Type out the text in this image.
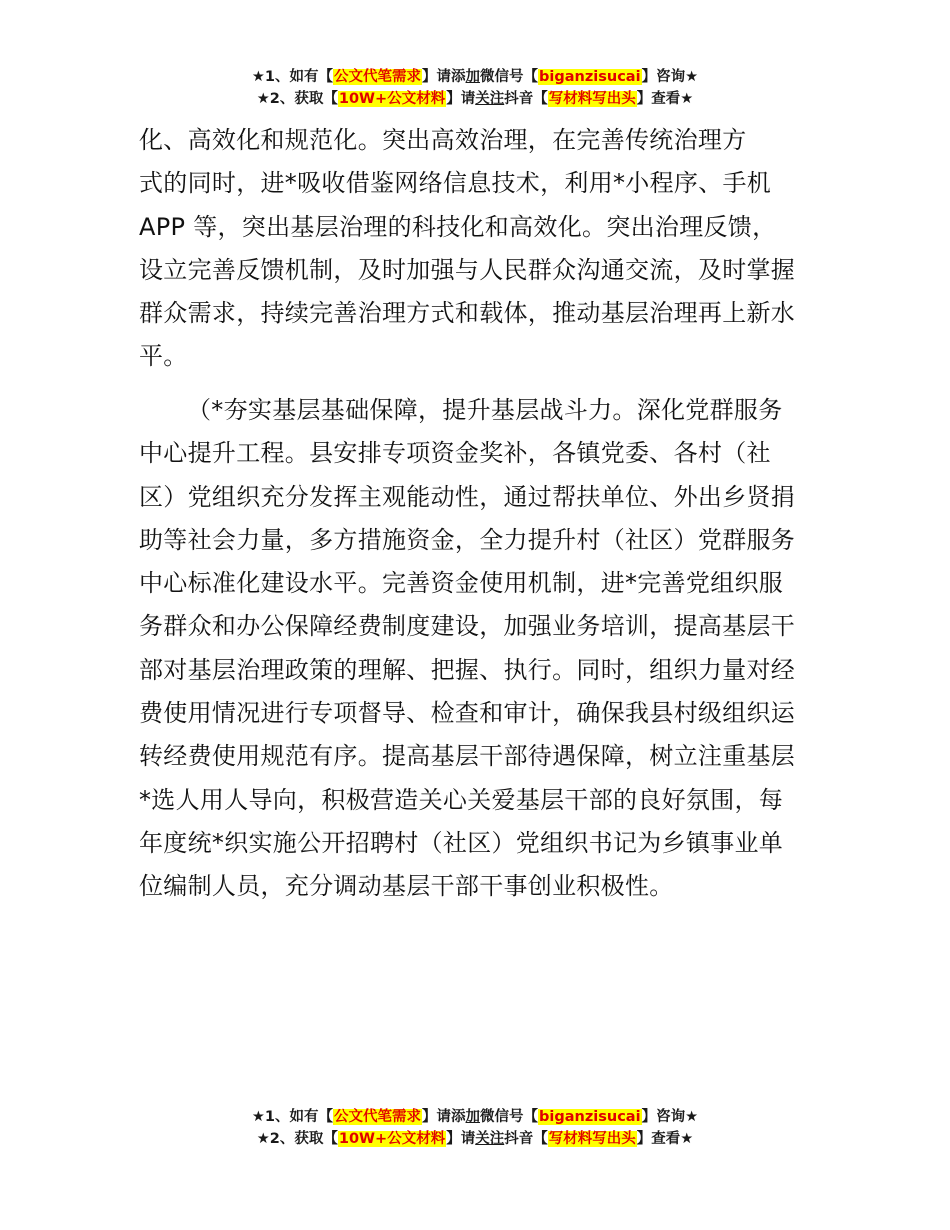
★1、如有【公文代笔需求】请添加微信号【biganzisucai】咨询★
★2、获取【10W+公文材料】请关注抖音【写材料写出头】查看★
化、高效化和规范化。突出高效治理，在完善传统治理方
式的同时，进*吸收借鉴网络信息技术，利用*小程序、手机
APP 等，突出基层治理的科技化和高效化。突出治理反馈，
设立完善反馈机制，及时加强与人民群众沟通交流，及时掌握
群众需求，持续完善治理方式和载体，推动基层治理再上新水
平。
（*夯实基层基础保障，提升基层战斗力。深化党群服务
中心提升工程。县安排专项资金奖补，各镇党委、各村（社
区）党组织充分发挥主观能动性，通过帮扶单位、外出乡贤捐
助等社会力量，多方措施资金，全力提升村（社区）党群服务
中心标准化建设水平。完善资金使用机制，进*完善党组织服
务群众和办公保障经费制度建设，加强业务培训，提高基层干
部对基层治理政策的理解、把握、执行。同时，组织力量对经
费使用情况进行专项督导、检查和审计，确保我县村级组织运
转经费使用规范有序。提高基层干部待遇保障，树立注重基层
*选人用人导向，积极营造关心关爱基层干部的良好氛围，每
年度统*织实施公开招聘村（社区）党组织书记为乡镇事业单
位编制人员，充分调动基层干部干事创业积极性。
★1、如有【公文代笔需求】请添加微信号【biganzisucai】咨询★
★2、获取【10W+公文材料】请关注抖音【写材料写出头】查看★
